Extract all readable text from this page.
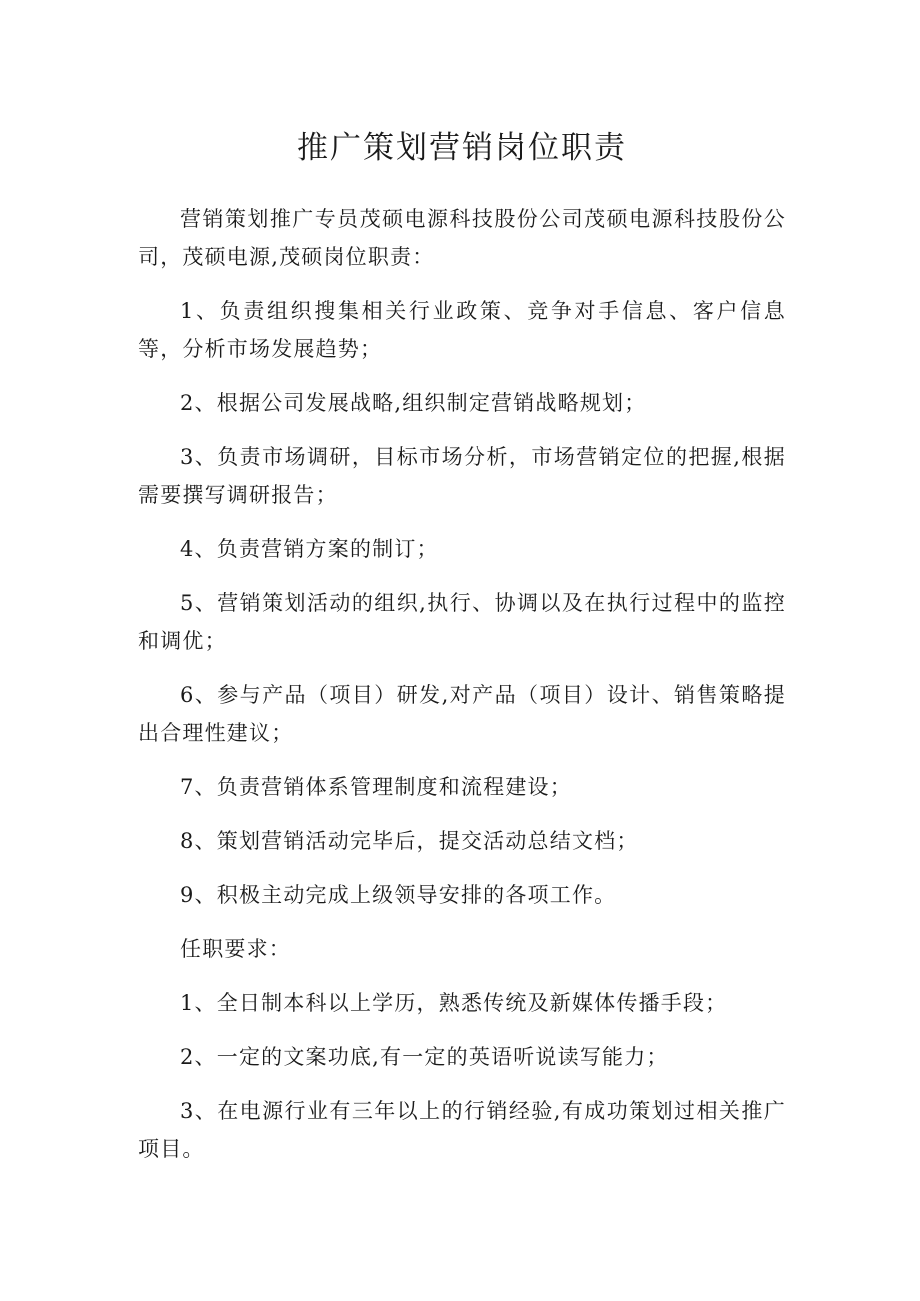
推广策划营销岗位职责

营销策划推广专员茂硕电源科技股份公司茂硕电源科技股份公司，茂硕电源,茂硕岗位职责：

1、负责组织搜集相关行业政策、竞争对手信息、客户信息等，分析市场发展趋势；

2、根据公司发展战略,组织制定营销战略规划；

3、负责市场调研，目标市场分析，市场营销定位的把握,根据需要撰写调研报告；

4、负责营销方案的制订；

5、营销策划活动的组织,执行、协调以及在执行过程中的监控和调优；

6、参与产品（项目）研发,对产品（项目）设计、销售策略提出合理性建议；

7、负责营销体系管理制度和流程建设；

8、策划营销活动完毕后，提交活动总结文档；

9、积极主动完成上级领导安排的各项工作。

任职要求：

1、全日制本科以上学历，熟悉传统及新媒体传播手段；

2、一定的文案功底,有一定的英语听说读写能力；

3、在电源行业有三年以上的行销经验,有成功策划过相关推广项目。
